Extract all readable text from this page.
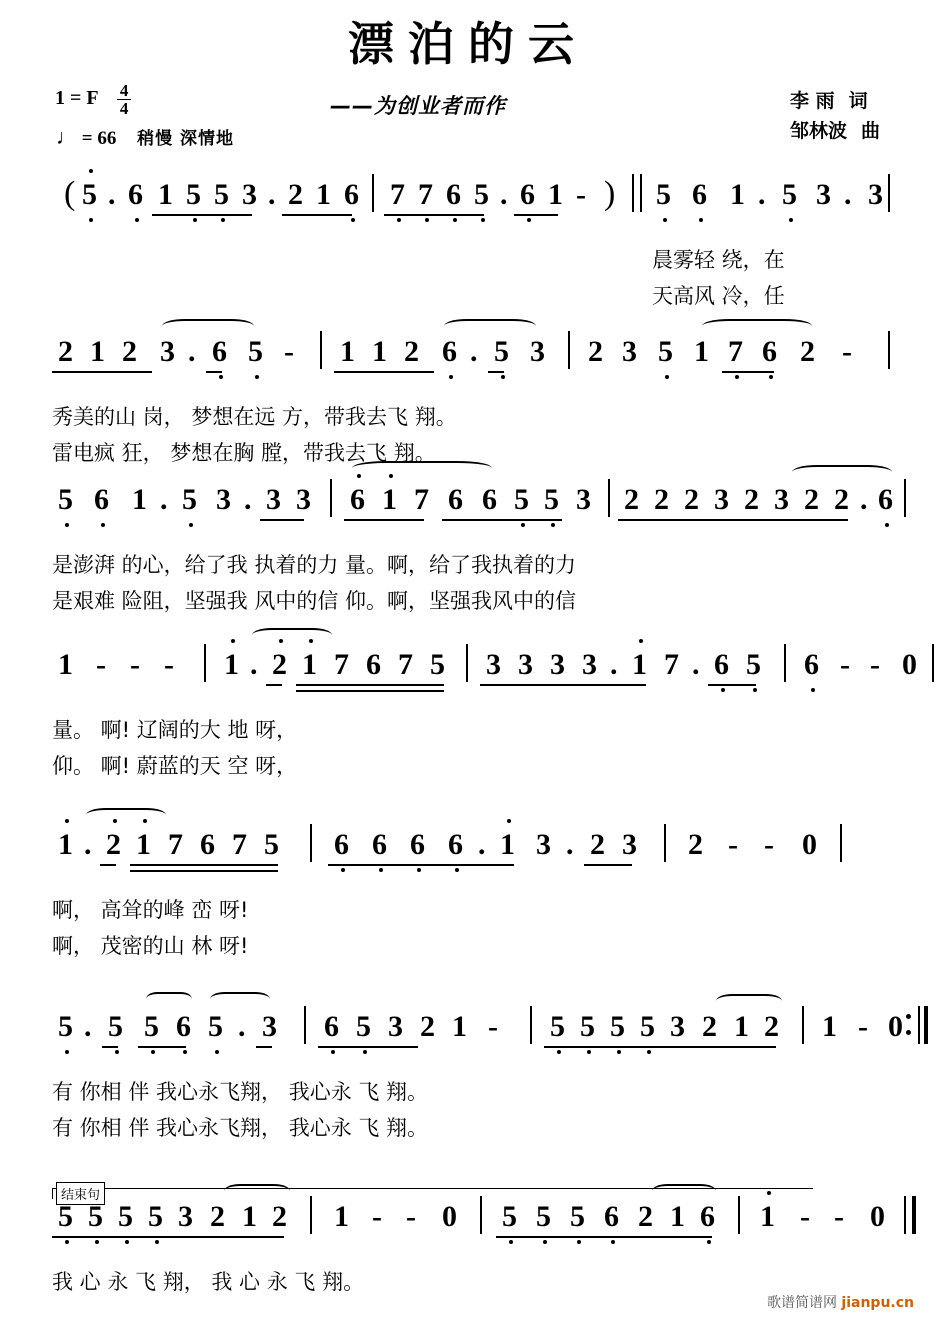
漂泊的云
——为创业者而作
1 = F $\frac{4}{4}$
♩ = 66 稍慢 深情地
李 雨 词
邹林波 曲
( 5 . 6 1 5 5 3 . 2 1 6 7 7 6 5 . 6 1 - ) 5 6 1 . 5 3 . 3
晨雾轻 绕，在
天高风 冷，任
2 1 2 3 . 6 5 - 1 1 2 6 . 5 3 2 3 5 1 7 6 2 -
秀美的山 岗， 梦想在远 方，带我去飞 翔。
雷电疯 狂， 梦想在胸 膛，带我去飞 翔。
5 6 1 . 5 3 . 3 3 6 1 7 6 6 5 5 3 2 2 2 3 2 3 2 2 . 6
是澎湃 的心，给了我 执着的力 量。啊，给了我执着的力
是艰难 险阻，坚强我 风中的信 仰。啊，坚强我风中的信
1 - - - 1 . 2 1 7 6 7 5 3 3 3 3 . 1 7 . 6 5 6 - - 0
量。 啊! 辽阔的大 地 呀，
仰。 啊! 蔚蓝的天 空 呀，
1 . 2 1 7 6 7 5 6 6 6 6 . 1 3 . 2 3 2 - - 0
啊， 高耸的峰 峦 呀!
啊， 茂密的山 林 呀!
5 . 5 5 6 5 . 3 6 5 3 2 1 - 5 5 5 5 3 2 1 2 1 - 0
有 你相 伴 我心永飞翔， 我心永 飞 翔。
有 你相 伴 我心永飞翔， 我心永 飞 翔。
结束句
5 5 5 5 3 2 1 2 1 - - 0 5 5 5 6 2 1 6 1 - - 0
我 心 永 飞 翔， 我 心 永 飞 翔。
歌谱简谱网 jianpu.cn
